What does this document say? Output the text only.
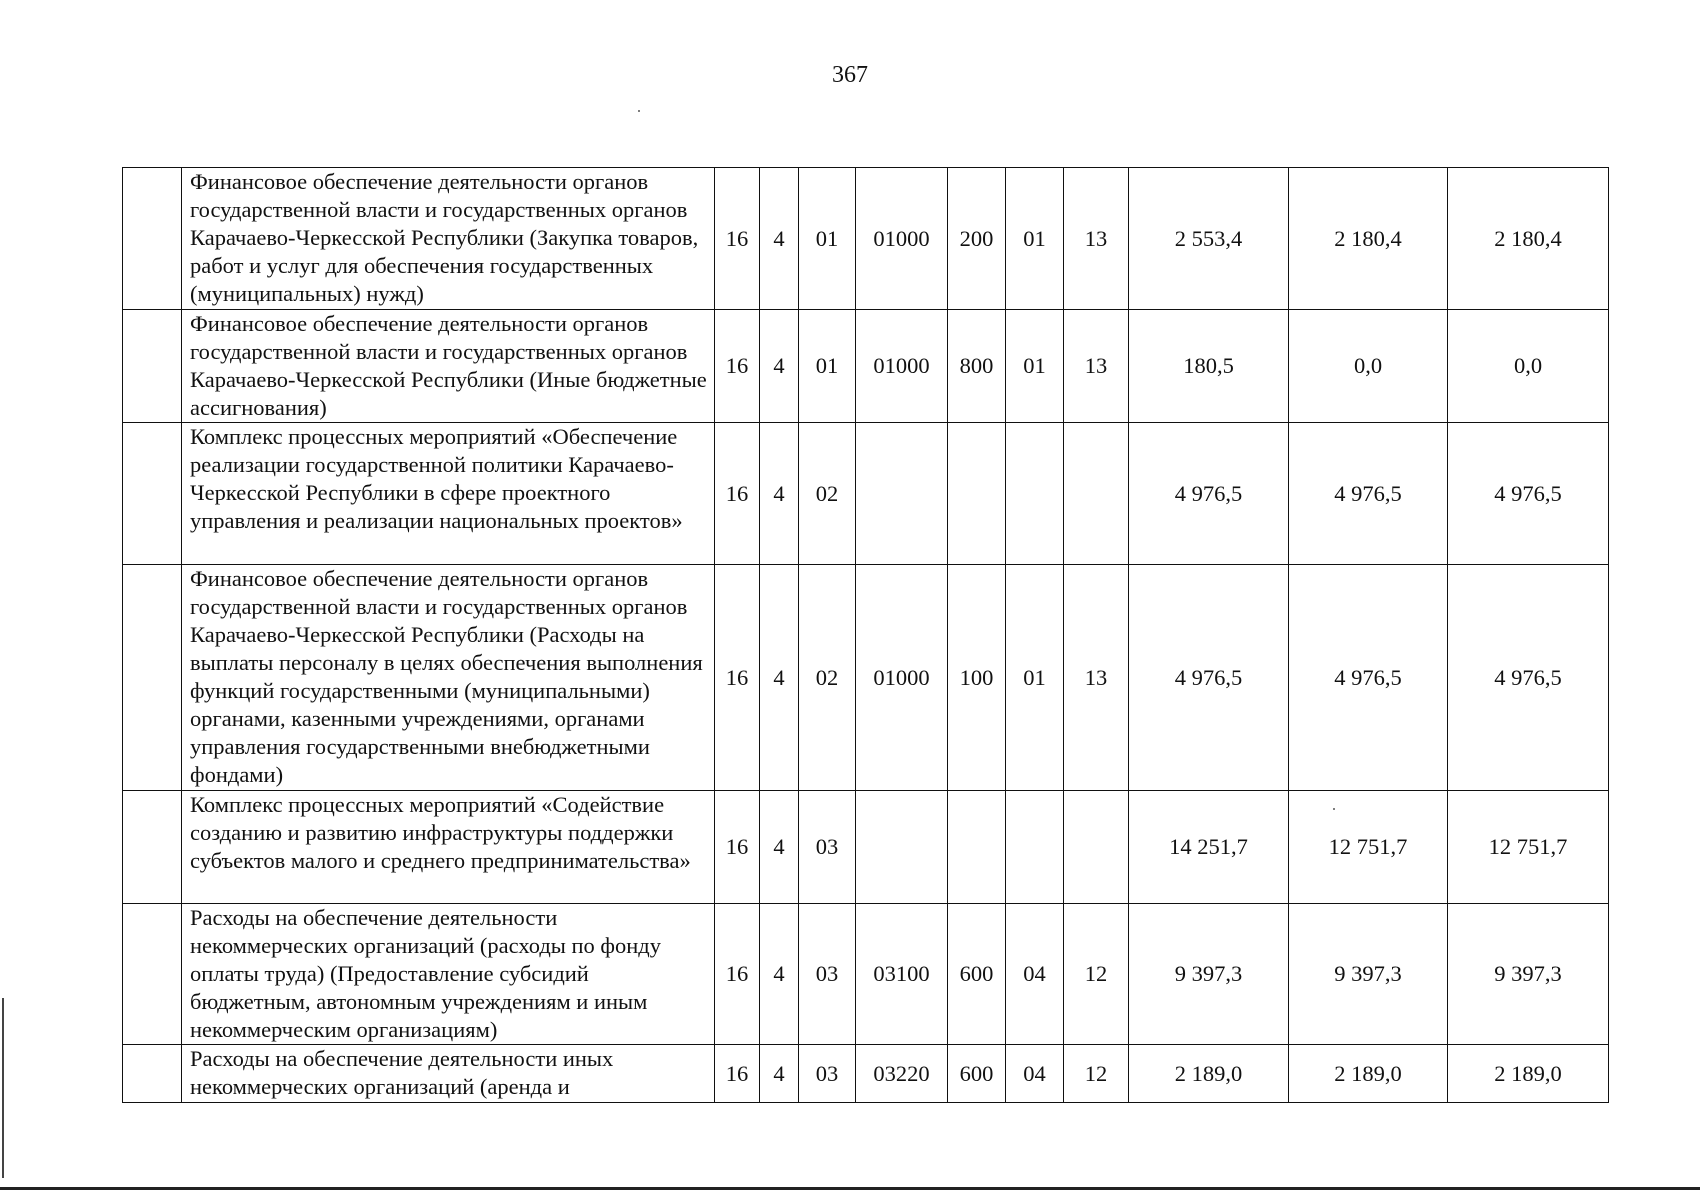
367
	Финансовое обеспечение деятельности органов государственной власти и государственных органов Карачаево-Черкесской Республики (Закупка товаров, работ и услуг для обеспечения государственных (муниципальных) нужд)	16	4	01	01000	200	01	13	2 553,4	2 180,4	2 180,4
	Финансовое обеспечение деятельности органов государственной власти и государственных органов Карачаево-Черкесской Республики (Иные бюджетные ассигнования)	16	4	01	01000	800	01	13	180,5	0,0	0,0
	Комплекс процессных мероприятий «Обеспечение реализации государственной политики Карачаево-Черкесской Республики в сфере проектного управления и реализации национальных проектов»	16	4	02					4 976,5	4 976,5	4 976,5
	Финансовое обеспечение деятельности органов государственной власти и государственных органов Карачаево-Черкесской Республики (Расходы на выплаты персоналу в целях обеспечения выполнения функций государственными (муниципальными) органами, казенными учреждениями, органами управления государственными внебюджетными фондами)	16	4	02	01000	100	01	13	4 976,5	4 976,5	4 976,5
	Комплекс процессных мероприятий «Содействие созданию и развитию инфраструктуры поддержки субъектов малого и среднего предпринимательства»	16	4	03					14 251,7	12 751,7	12 751,7
	Расходы на обеспечение деятельности некоммерческих организаций (расходы по фонду оплаты труда) (Предоставление субсидий бюджетным, автономным учреждениям и иным некоммерческим организациям)	16	4	03	03100	600	04	12	9 397,3	9 397,3	9 397,3
	Расходы на обеспечение деятельности иных некоммерческих организаций (аренда и	16	4	03	03220	600	04	12	2 189,0	2 189,0	2 189,0
